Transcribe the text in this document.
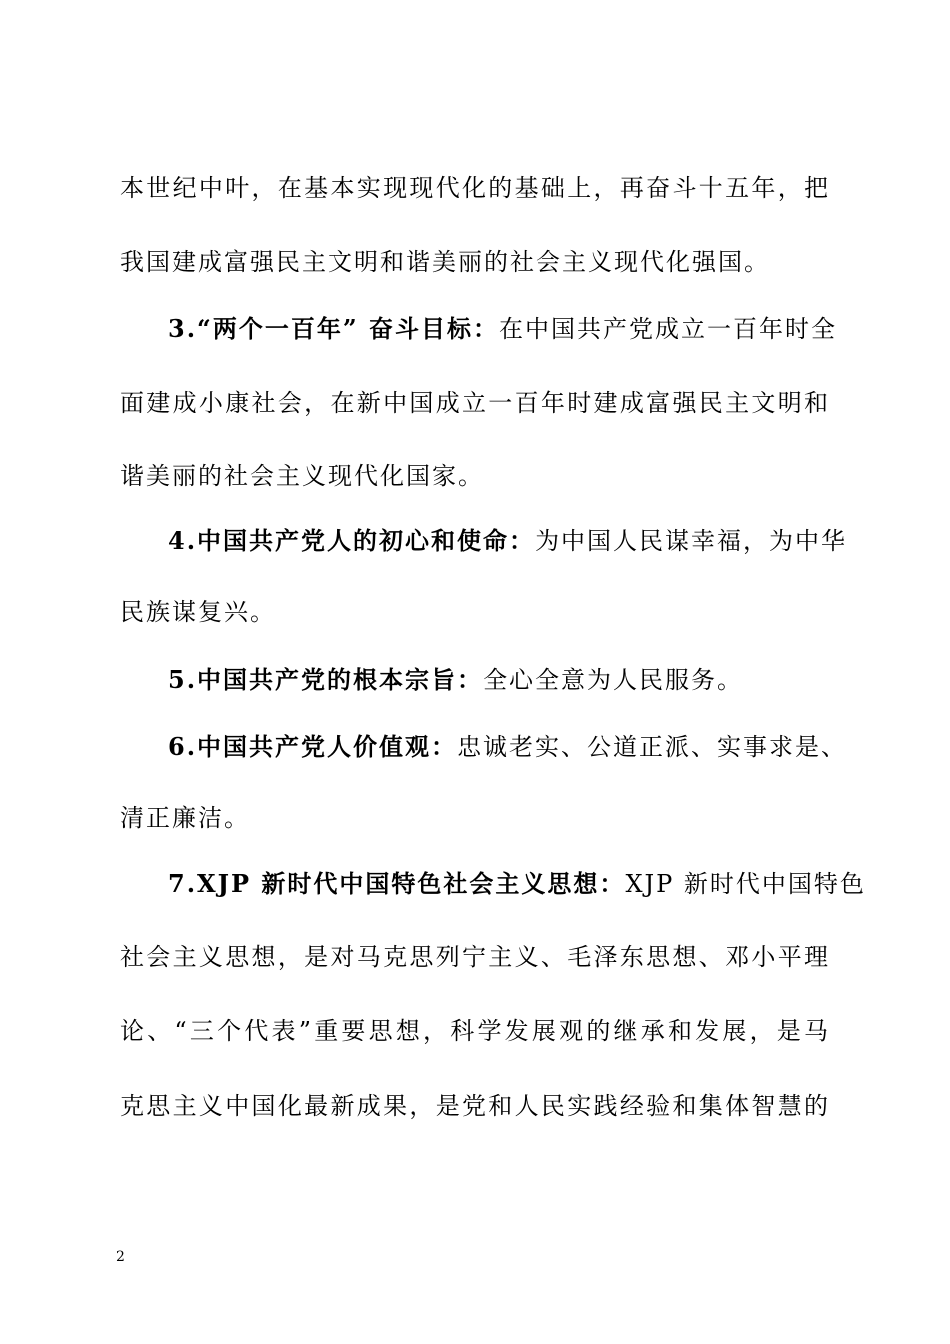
本世纪中叶，在基本实现现代化的基础上，再奋斗十五年，把
我国建成富强民主文明和谐美丽的社会主义现代化强国。
3.“两个一百年” 奋斗目标：在中国共产党成立一百年时全
面建成小康社会，在新中国成立一百年时建成富强民主文明和
谐美丽的社会主义现代化国家。
4.中国共产党人的初心和使命：为中国人民谋幸福，为中华
民族谋复兴。
5.中国共产党的根本宗旨：全心全意为人民服务。
6.中国共产党人价值观：忠诚老实、公道正派、实事求是、
清正廉洁。
7.XJP 新时代中国特色社会主义思想：XJP 新时代中国特色
社会主义思想，是对马克思列宁主义、毛泽东思想、邓小平理
论、“三个代表”重要思想，科学发展观的继承和发展，是马
克思主义中国化最新成果，是党和人民实践经验和集体智慧的
2
